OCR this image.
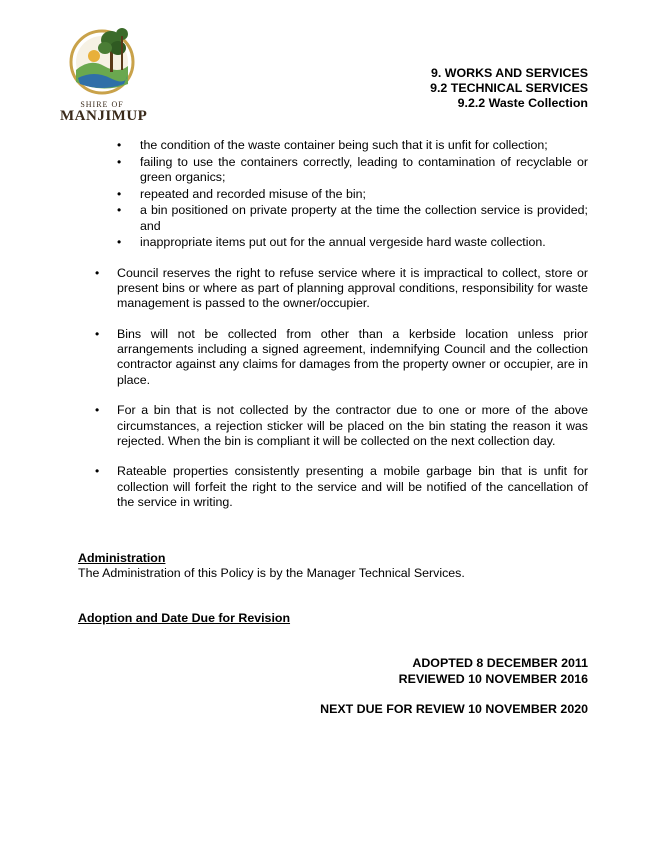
SHIRE OF
MANJIMUP
9. WORKS AND SERVICES
9.2 TECHNICAL SERVICES
9.2.2 Waste Collection
• the condition of the waste container being such that it is unfit for collection;
• failing to use the containers correctly, leading to contamination of recyclable or green organics;
• repeated and recorded misuse of the bin;
• a bin positioned on private property at the time the collection service is provided; and
• inappropriate items put out for the annual vergeside hard waste collection.
• Council reserves the right to refuse service where it is impractical to collect, store or present bins or where as part of planning approval conditions, responsibility for waste management is passed to the owner/occupier.
• Bins will not be collected from other than a kerbside location unless prior arrangements including a signed agreement, indemnifying Council and the collection contractor against any claims for damages from the property owner or occupier, are in place.
• For a bin that is not collected by the contractor due to one or more of the above circumstances, a rejection sticker will be placed on the bin stating the reason it was rejected. When the bin is compliant it will be collected on the next collection day.
• Rateable properties consistently presenting a mobile garbage bin that is unfit for collection will forfeit the right to the service and will be notified of the cancellation of the service in writing.
Administration
The Administration of this Policy is by the Manager Technical Services.
Adoption and Date Due for Revision
ADOPTED 8 DECEMBER 2011
REVIEWED 10 NOVEMBER 2016
NEXT DUE FOR REVIEW 10 NOVEMBER 2020
